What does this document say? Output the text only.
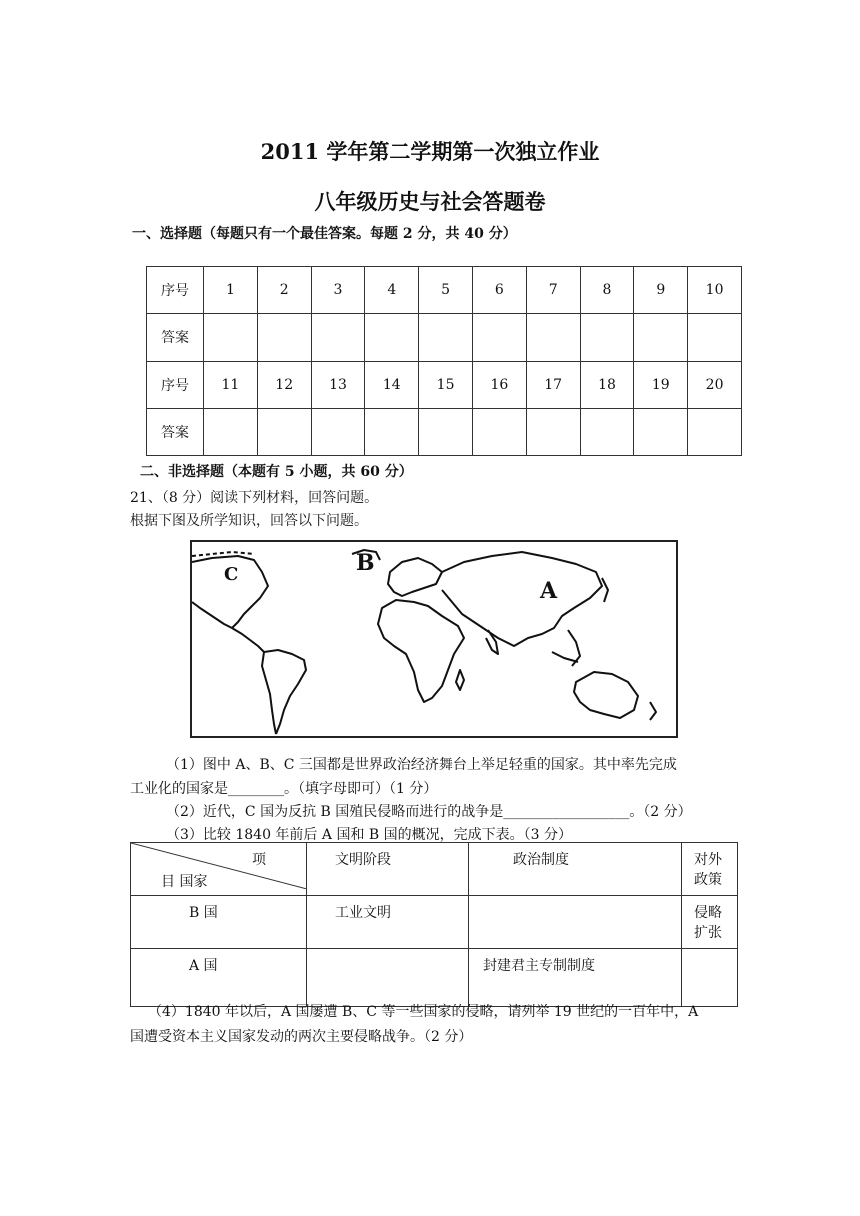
2011 学年第二学期第一次独立作业
八年级历史与社会答题卷
一、选择题（每题只有一个最佳答案。每题 2 分，共 40 分）
序号	1	2	3	4	5	6	7	8	9	10
答案										
序号	11	12	13	14	15	16	17	18	19	20
答案										
二、非选择题（本题有 5 小题，共 60 分）
21、（8 分）阅读下列材料，回答问题。
根据下图及所学知识，回答以下问题。
B
C
A
（1）图中 A、B、C 三国都是世界政治经济舞台上举足轻重的国家。其中率先完成
工业化的国家是________。（填字母即可）（1 分）
（2）近代，C 国为反抗 B 国殖民侵略而进行的战争是__________________。（2 分）
（3）比较 1840 年前后 A 国和 B 国的概况，完成下表。（3 分）
项
目 国家	文明阶段	政治制度	对外政策
B 国	工业文明		侵略扩张
A 国		封建君主专制制度	
（4）1840 年以后，A 国屡遭 B、C 等一些国家的侵略，请列举 19 世纪的一百年中，A
国遭受资本主义国家发动的两次主要侵略战争。（2 分）
